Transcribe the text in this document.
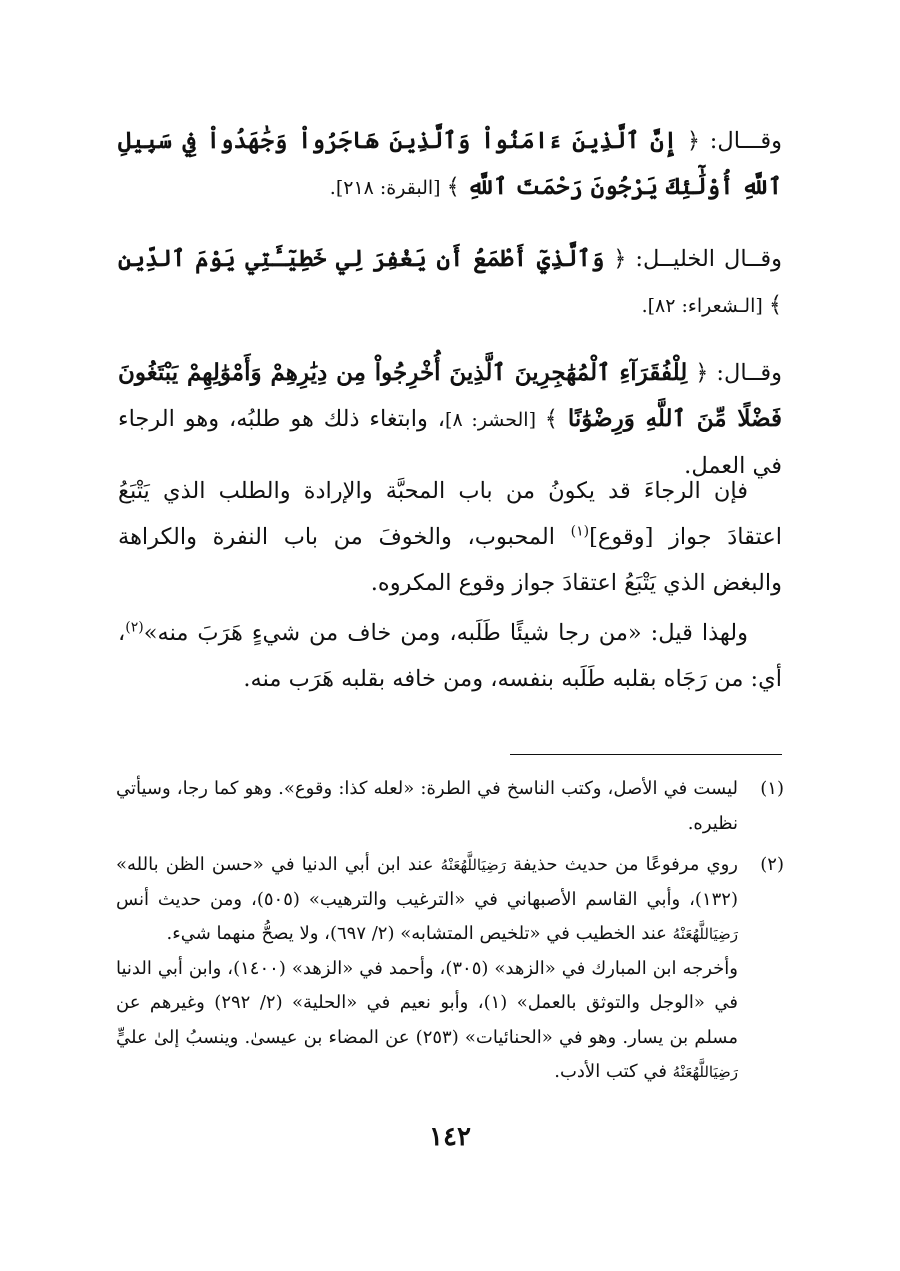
وقـــال: ﴿ إِنَّ ٱلَّذِينَ ءَامَنُواْ وَٱلَّذِينَ هَاجَرُواْ وَجَٰهَدُواْ فِي سَبِيلِ ٱللَّهِ أُوْلَٰٓئِكَ يَرْجُونَ رَحْمَتَ ٱللَّهِ ﴾ [البقرة: ٢١٨].
وقــال الخليــل: ﴿ وَٱلَّذِيٓ أَطْمَعُ أَن يَغْفِرَ لِي خَطِيٓـَٔتِي يَوْمَ ٱلدِّينِ ﴾ [الـشعراء: ٨٢].
وقــال: ﴿ لِلْفُقَرَآءِ ٱلْمُهَٰجِرِينَ ٱلَّذِينَ أُخْرِجُواْ مِن دِيَٰرِهِمْ وَأَمْوَٰلِهِمْ يَبْتَغُونَ فَضْلًا مِّنَ ٱللَّهِ وَرِضْوَٰنًا ﴾ [الحشر: ٨]، وابتغاء ذلك هو طلبُه، وهو الرجاء في العمل.
فإن الرجاءَ قد يكونُ من باب المحبَّة والإرادة والطلب الذي يَتْبَعُ اعتقادَ جواز [وقوع]$^{(١)}$ المحبوب، والخوفَ من باب النفرة والكراهة والبغض الذي يَتْبَعُ اعتقادَ جواز وقوع المكروه.
ولهذا قيل: «من رجا شيئًا طَلَبه، ومن خاف من شيءٍ هَرَبَ منه»$^{(٢)}$، أي: من رَجَاه بقلبه طَلَبه بنفسه، ومن خافه بقلبه هَرَب منه.
(١)
ليست في الأصل، وكتب الناسخ في الطرة: «لعله كذا: وقوع». وهو كما رجا، وسيأتي نظيره.
(٢)
روي مرفوعًا من حديث حذيفة رَضِيَاللَّهُعَنْهُ عند ابن أبي الدنيا في «حسن الظن بالله» (١٣٢)، وأبي القاسم الأصبهاني في «الترغيب والترهيب» (٥٠٥)، ومن حديث أنس رَضِيَاللَّهُعَنْهُ عند الخطيب في «تلخيص المتشابه» (٢/ ٦٩٧)، ولا يصحُّ منهما شيء.
وأخرجه ابن المبارك في «الزهد» (٣٠٥)، وأحمد في «الزهد» (١٤٠٠)، وابن أبي الدنيا في «الوجل والتوثق بالعمل» (١)، وأبو نعيم في «الحلية» (٢/ ٢٩٢) وغيرهم عن مسلم بن يسار. وهو في «الحنائيات» (٢٥٣) عن المضاء بن عيسىٰ. وينسبُ إلىٰ عليٍّ رَضِيَاللَّهُعَنْهُ في كتب الأدب.
١٤٢
